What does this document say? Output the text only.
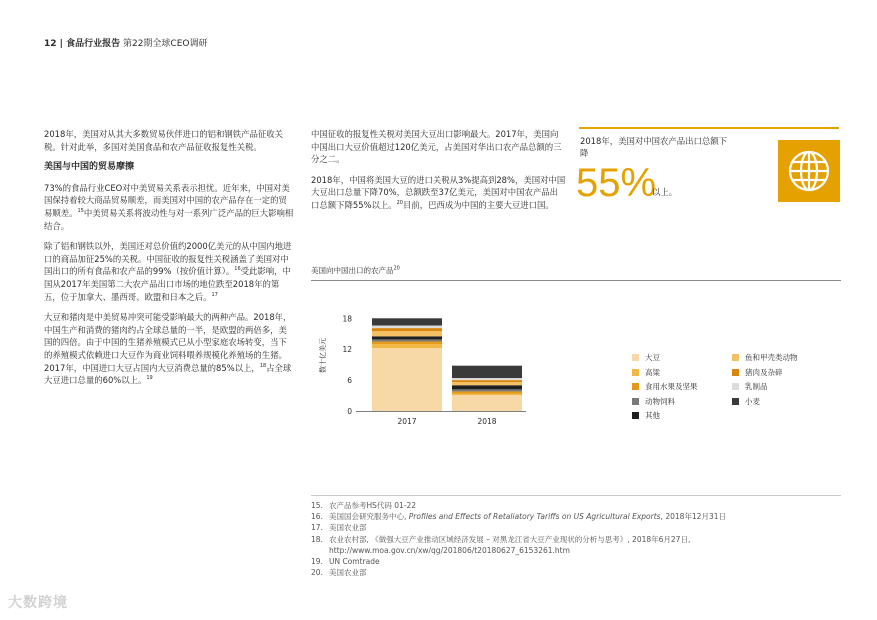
12 | 食品行业报告 第22期全球CEO调研

2018年，美国对从其大多数贸易伙伴进口的铝和钢铁产品征收关税。针对此举，多国对美国食品和农产品征收报复性关税。

美国与中国的贸易摩擦

73%的食品行业CEO对中美贸易关系表示担忧。近年来，中国对美国保持着较大商品贸易顺差，而美国对中国的农产品存在一定的贸易顺差。$^{15}$中美贸易关系将波动性与对一系列广泛产品的巨大影响相结合。

除了铝和钢铁以外，美国还对总价值约2000亿美元的从中国内地进口的商品加征25%的关税。中国征收的报复性关税涵盖了美国对中国出口的所有食品和农产品的99%（按价值计算）。$^{16}$受此影响，中国从2017年美国第二大农产品出口市场的地位跌至2018年的第五，位于加拿大、墨西哥、欧盟和日本之后。$^{17}$

大豆和猪肉是中美贸易冲突可能受影响最大的两种产品。2018年，中国生产和消费的猪肉约占全球总量的一半，是欧盟的两倍多，美国的四倍。由于中国的生猪养殖模式已从小型家庭农场转变，当下的养殖模式依赖进口大豆作为商业饲料喂养规模化养殖场的生猪。2017年，中国进口大豆占国内大豆消费总量的85%以上，$^{18}$占全球大豆进口总量的60%以上。$^{19}$

中国征收的报复性关税对美国大豆出口影响最大。2017年，美国向中国出口大豆价值超过120亿美元，占美国对华出口农产品总额的三分之二。

2018年，中国将美国大豆的进口关税从3%提高到28%，美国对中国大豆出口总量下降70%，总额跌至37亿美元，美国对中国农产品出口总额下降55%以上。$^{20}$目前，巴西成为中国的主要大豆进口国。

2018年，美国对中国农产品出口总额下降
55%
以上。
美国向中国出口的农产品$^{20}$
0
6
12
18
数十亿美元
2017	2018
大豆
高粱
食用水果及坚果
动物饲料
其他
鱼和甲壳类动物
猪肉及杂碎
乳制品
小麦
15. 农产品参考HS代码 01-22
16. 美国国会研究服务中心, Profiles and Effects of Retaliatory Tariffs on US Agricultural Exports, 2018年12月31日
17. 美国农业部
18. 农业农村部, 《做强大豆产业推动区域经济发展 – 对黑龙江省大豆产业现状的分析与思考》, 2018年6月27日, http://www.moa.gov.cn/xw/qg/201806/t20180627_6153261.htm
19. UN Comtrade
20. 美国农业部
大数跨境
